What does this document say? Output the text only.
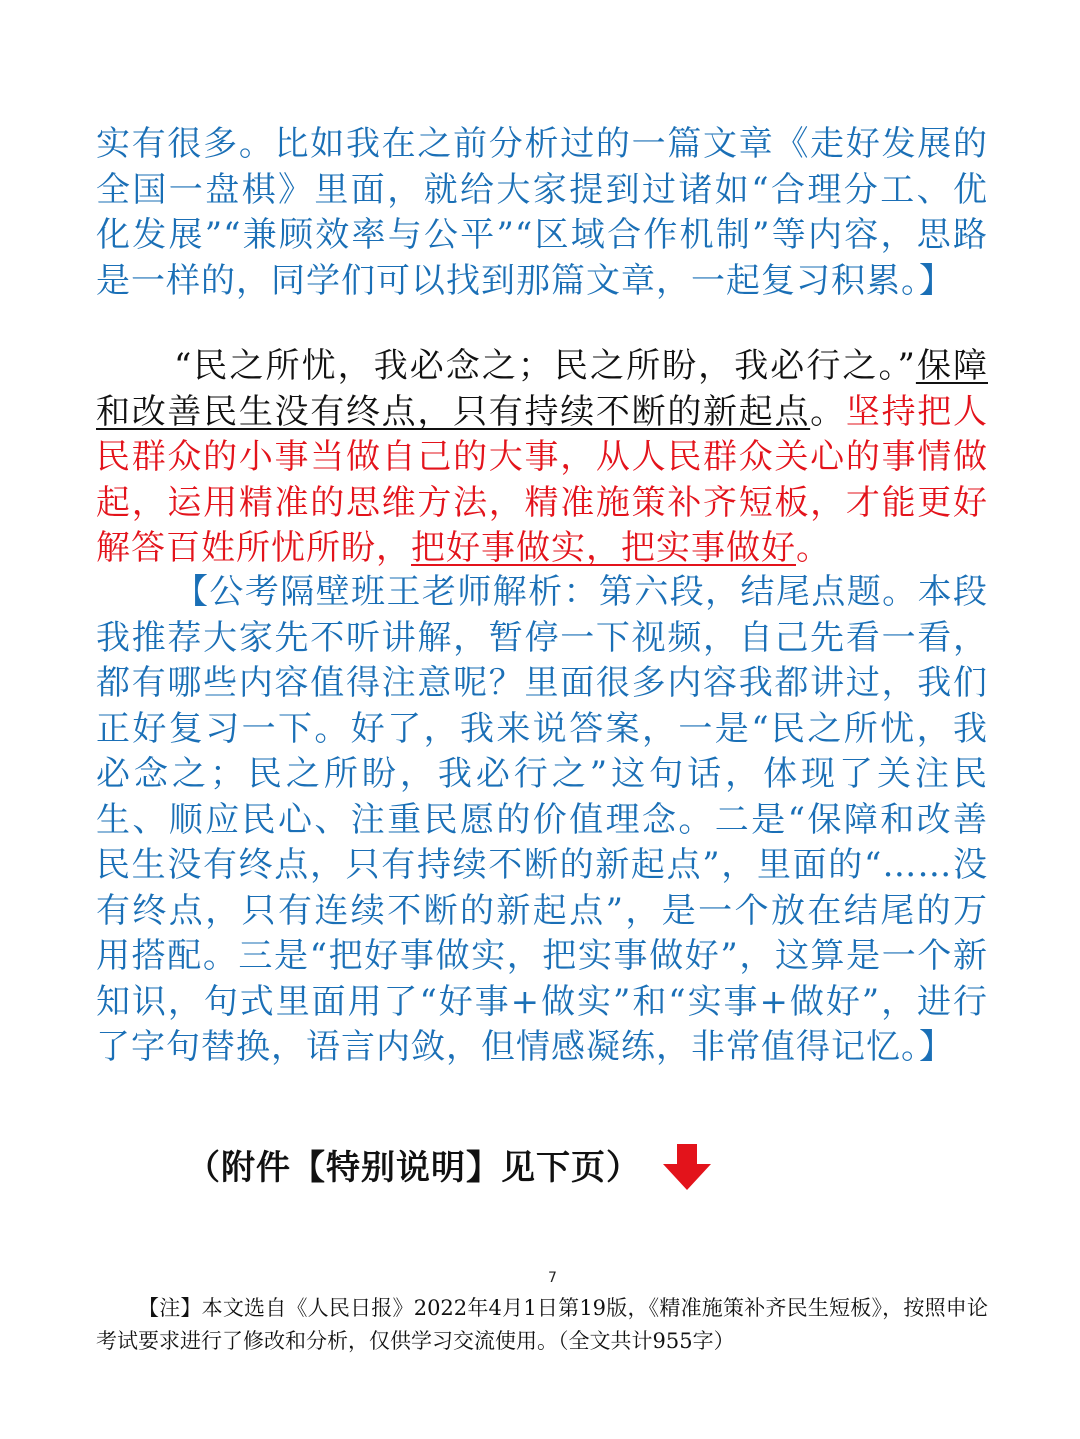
实有很多。比如我在之前分析过的一篇文章《走好发展的全国一盘棋》里面，就给大家提到过诸如“合理分工、优化发展”“兼顾效率与公平”“区域合作机制”等内容，思路是一样的，同学们可以找到那篇文章，一起复习积累。】
“民之所忧，我必念之；民之所盼，我必行之。”保障和改善民生没有终点，只有持续不断的新起点。坚持把人民群众的小事当做自己的大事，从人民群众关心的事情做起，运用精准的思维方法，精准施策补齐短板，才能更好解答百姓所忧所盼，把好事做实，把实事做好。
【公考隔壁班王老师解析：第六段，结尾点题。本段我推荐大家先不听讲解，暂停一下视频，自己先看一看，都有哪些内容值得注意呢？里面很多内容我都讲过，我们正好复习一下。好了，我来说答案，一是“民之所忧，我必念之；民之所盼，我必行之”这句话，体现了关注民生、顺应民心、注重民愿的价值理念。二是“保障和改善民生没有终点，只有持续不断的新起点”，里面的“……没有终点，只有连续不断的新起点”，是一个放在结尾的万用搭配。三是“把好事做实，把实事做好”，这算是一个新知识，句式里面用了“好事+做实”和“实事+做好”，进行了字句替换，语言内敛，但情感凝练，非常值得记忆。】
（附件【特别说明】见下页）
7
【注】本文选自《人民日报》2022年4月1日第19版，《精准施策补齐民生短板》，按照申论考试要求进行了修改和分析，仅供学习交流使用。（全文共计955字）
